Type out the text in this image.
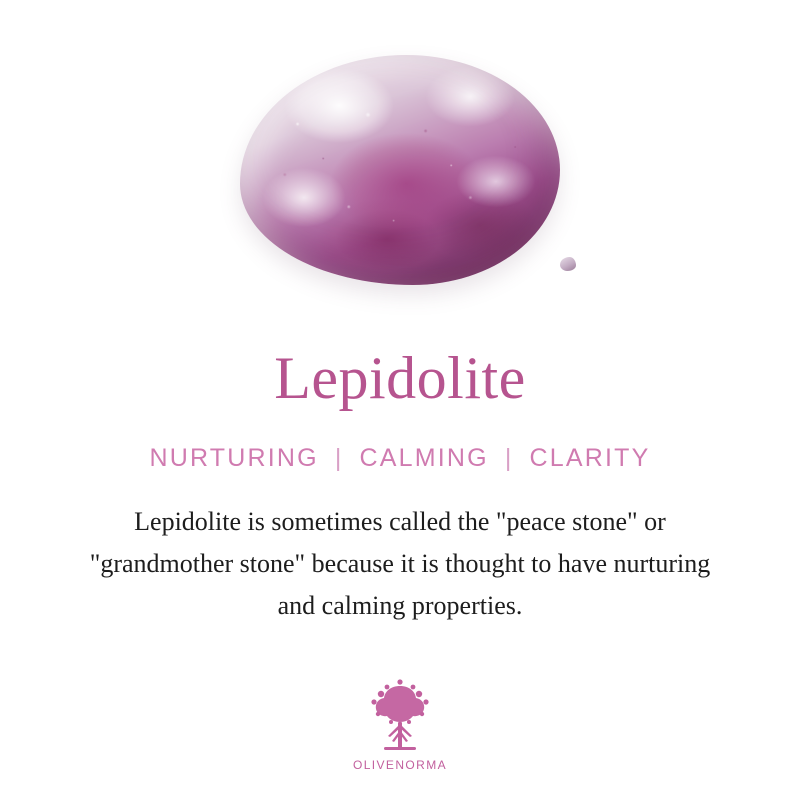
Lepidolite
NURTURING | CALMING | CLARITY
Lepidolite is sometimes called the "peace stone" or "grandmother stone" because it is thought to have nurturing and calming properties.
OLIVENORMA
